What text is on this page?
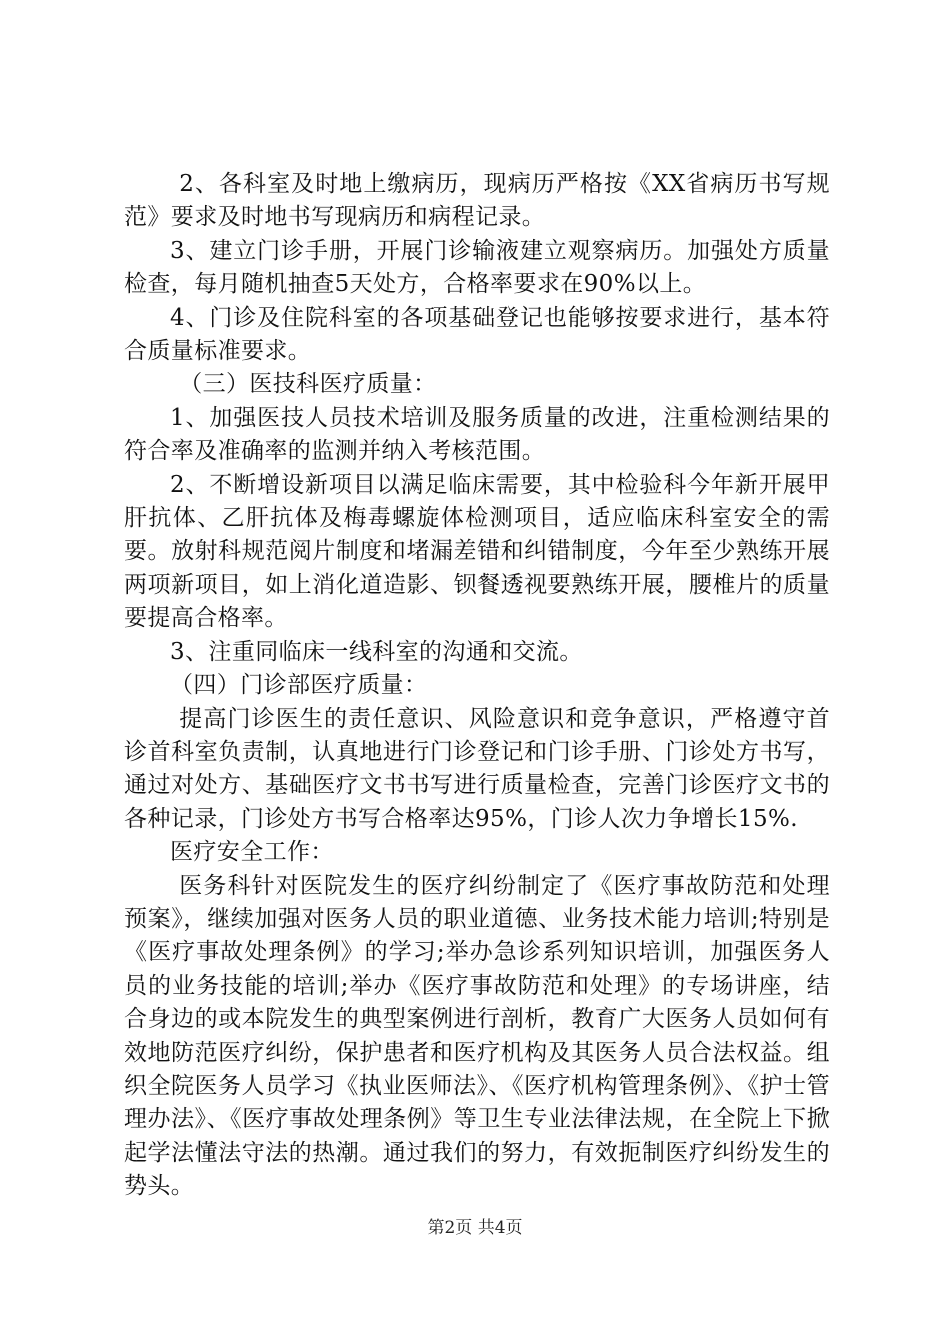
2、各科室及时地上缴病历，现病历严格按《XX省病历书写规范》要求及时地书写现病历和病程记录。

3、建立门诊手册，开展门诊输液建立观察病历。加强处方质量检查，每月随机抽查5天处方，合格率要求在90%以上。

4、门诊及住院科室的各项基础登记也能够按要求进行，基本符合质量标准要求。

（三）医技科医疗质量：

1、加强医技人员技术培训及服务质量的改进，注重检测结果的符合率及准确率的监测并纳入考核范围。

2、不断增设新项目以满足临床需要，其中检验科今年新开展甲肝抗体、乙肝抗体及梅毒螺旋体检测项目，适应临床科室安全的需要。放射科规范阅片制度和堵漏差错和纠错制度，今年至少熟练开展两项新项目，如上消化道造影、钡餐透视要熟练开展，腰椎片的质量要提高合格率。

3、注重同临床一线科室的沟通和交流。

（四）门诊部医疗质量：

提高门诊医生的责任意识、风险意识和竞争意识，严格遵守首诊首科室负责制，认真地进行门诊登记和门诊手册、门诊处方书写，通过对处方、基础医疗文书书写进行质量检查，完善门诊医疗文书的各种记录，门诊处方书写合格率达95%，门诊人次力争增长15%.

医疗安全工作：

医务科针对医院发生的医疗纠纷制定了《医疗事故防范和处理预案》，继续加强对医务人员的职业道德、业务技术能力培训;特别是《医疗事故处理条例》的学习;举办急诊系列知识培训，加强医务人员的业务技能的培训;举办《医疗事故防范和处理》的专场讲座，结合身边的或本院发生的典型案例进行剖析，教育广大医务人员如何有效地防范医疗纠纷，保护患者和医疗机构及其医务人员合法权益。组织全院医务人员学习《执业医师法》、《医疗机构管理条例》、《护士管理办法》、《医疗事故处理条例》等卫生专业法律法规，在全院上下掀起学法懂法守法的热潮。通过我们的努力，有效扼制医疗纠纷发生的势头。

第2页 共4页
